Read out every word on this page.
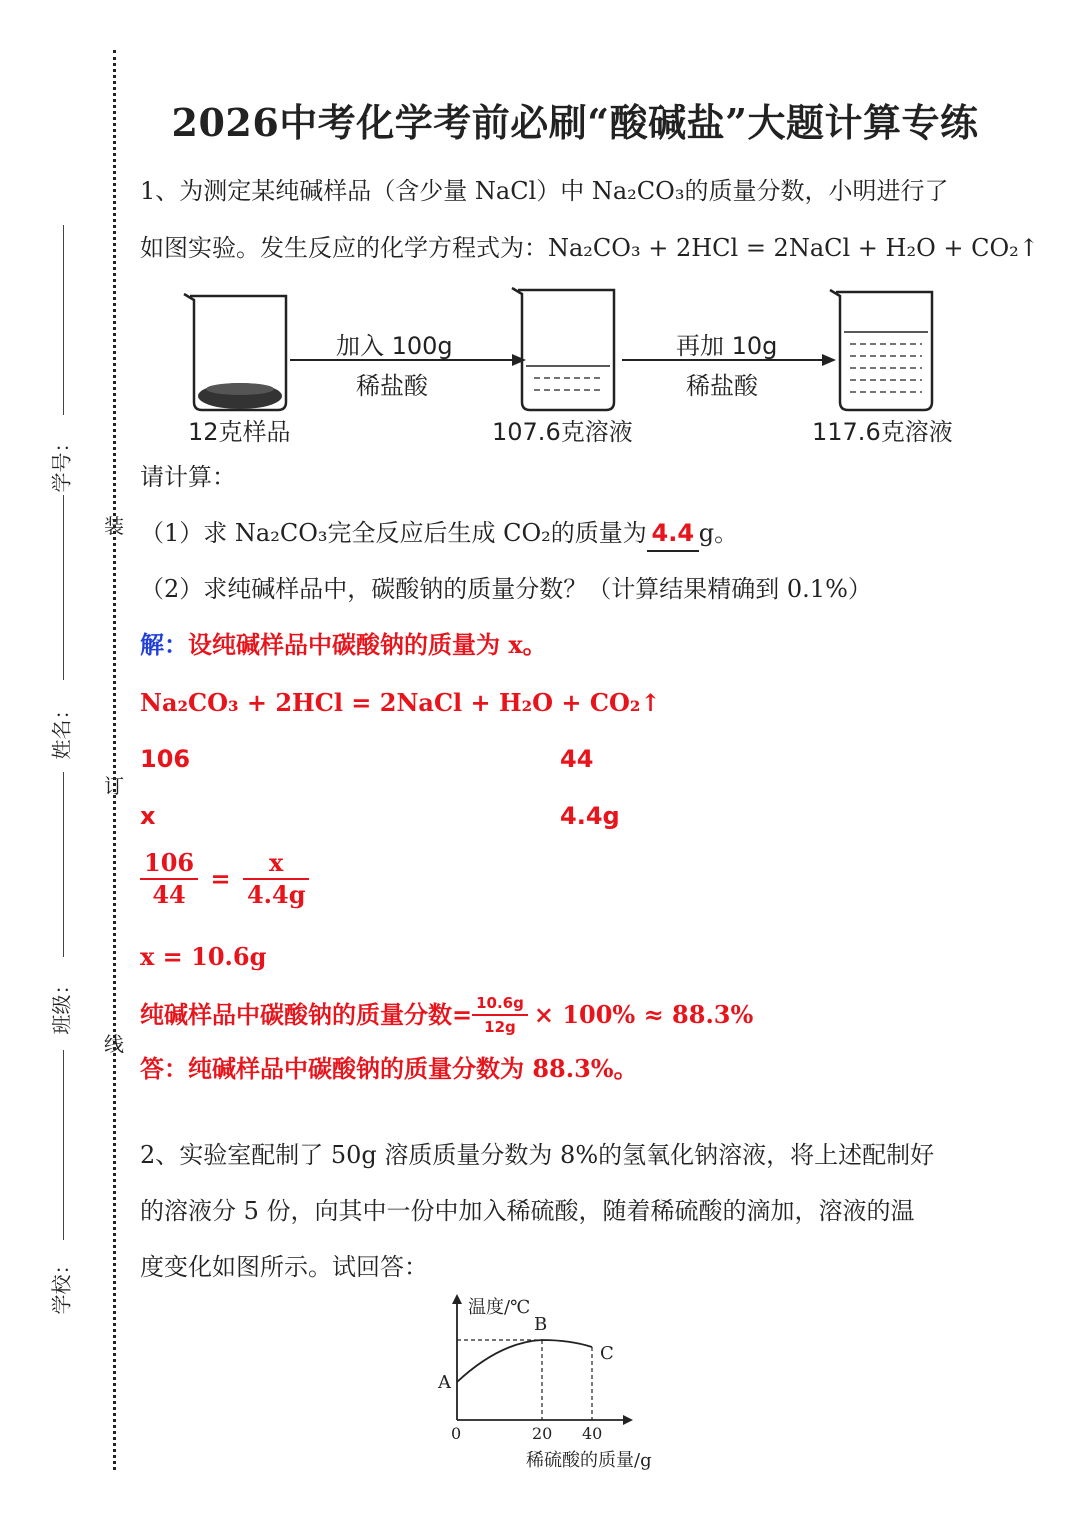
装
订
线
学号：
姓名：
班级：
学校：
2026中考化学考前必刷“酸碱盐”大题计算专练
1、为测定某纯碱样品（含少量 NaCl）中 Na₂CO₃的质量分数，小明进行了
如图实验。发生反应的化学方程式为：Na₂CO₃ + 2HCl = 2NaCl + H₂O + CO₂↑
加入 100g
稀盐酸
再加 10g
稀盐酸
12克样品	107.6克溶液	117.6克溶液
请计算：
（1）求 Na₂CO₃完全反应后生成 CO₂的质量为 4.4 g。
（2）求纯碱样品中，碳酸钠的质量分数？（计算结果精确到 0.1%）
解：设纯碱样品中碳酸钠的质量为 x。
Na₂CO₃ + 2HCl = 2NaCl + H₂O + CO₂↑
106	44
x	4.4g
$\frac{106}{44} = \frac{x}{4.4g}$
x = 10.6g
纯碱样品中碳酸钠的质量分数= $\frac{10.6g}{12g} \times 100\% \approx 88.3\%$
答：纯碱样品中碳酸钠的质量分数为 88.3%。
2、实验室配制了 50g 溶质质量分数为 8%的氢氧化钠溶液，将上述配制好
的溶液分 5 份，向其中一份中加入稀硫酸，随着稀硫酸的滴加，溶液的温
度变化如图所示。试回答：
温度/℃
A
B
C
0	20 40
稀硫酸的质量/g
